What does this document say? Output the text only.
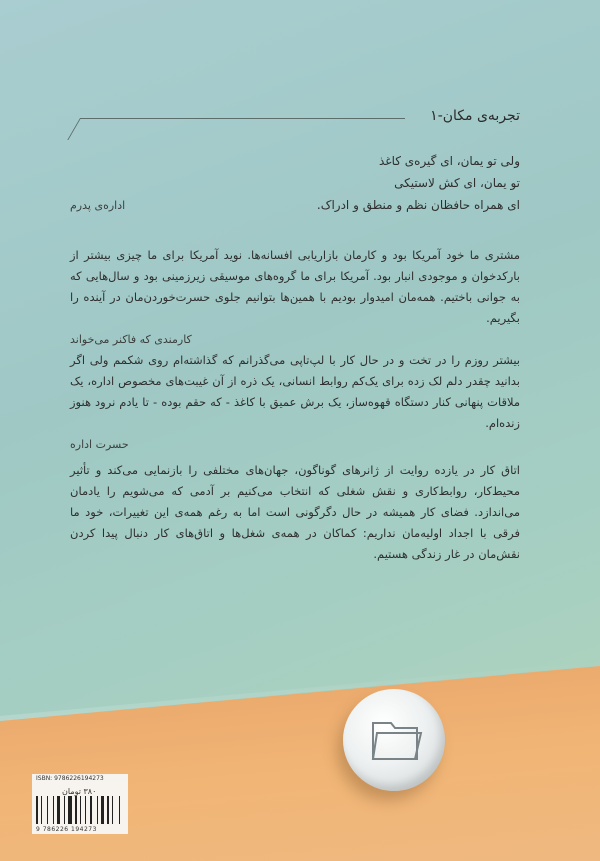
تجربه‌ی مکان-۱

ولی تو یمان، ای گیره‌ی کاغذ

تو یمان، ای کش لاستیکی

ای همراه حافظان نظم و منطق و ادراک.

اداره‌ی پدرم

مشتری ما خود آمریکا بود و کارمان بازاریابی افسانه‌ها. نوید آمریکا برای ما چیزی بیشتر از بارکدخوان و موجودی انبار بود. آمریکا برای ما گروه‌های موسیقی زیرزمینی بود و سال‌هایی که به جوانی باختیم. همه‌مان امیدوار بودیم با همین‌ها بتوانیم جلوی حسرت‌خوردن‌مان در آینده را بگیریم.

کارمندی که فاکنر می‌خواند

بیشتر روزم را در تخت و در حال کار با لپ‌تاپی می‌گذرانم که گذاشته‌ام روی شکمم ولی اگر بدانید چقدر دلم لک زده برای یک‌کم روابط انسانی، یک ذره از آن غیبت‌های مخصوص اداره، یک ملاقات پنهانی کنار دستگاه قهوه‌ساز، یک برش عمیق با کاغذ - که حقم بوده - تا یادم نرود هنوز زنده‌ام.

حسرت اداره

اتاق کار در یازده روایت از ژانرهای گوناگون، جهان‌های مختلفی را بازنمایی می‌کند و تأثیر محیط‌کار، روابط‌کاری و نقش شغلی که انتخاب می‌کنیم بر آدمی که می‌شویم را یادمان می‌اندازد. فضای کار همیشه در حال دگرگونی است اما به رغم همه‌ی این تغییرات، خود ما فرقی با اجداد اولیه‌مان نداریم: کماکان در همه‌ی شغل‌ها و اتاق‌های کار دنبال پیدا کردن نقش‌مان در غار زندگی هستیم.

ISBN: 9786226194273
۳۸۰ تومان
9 786226 194273
